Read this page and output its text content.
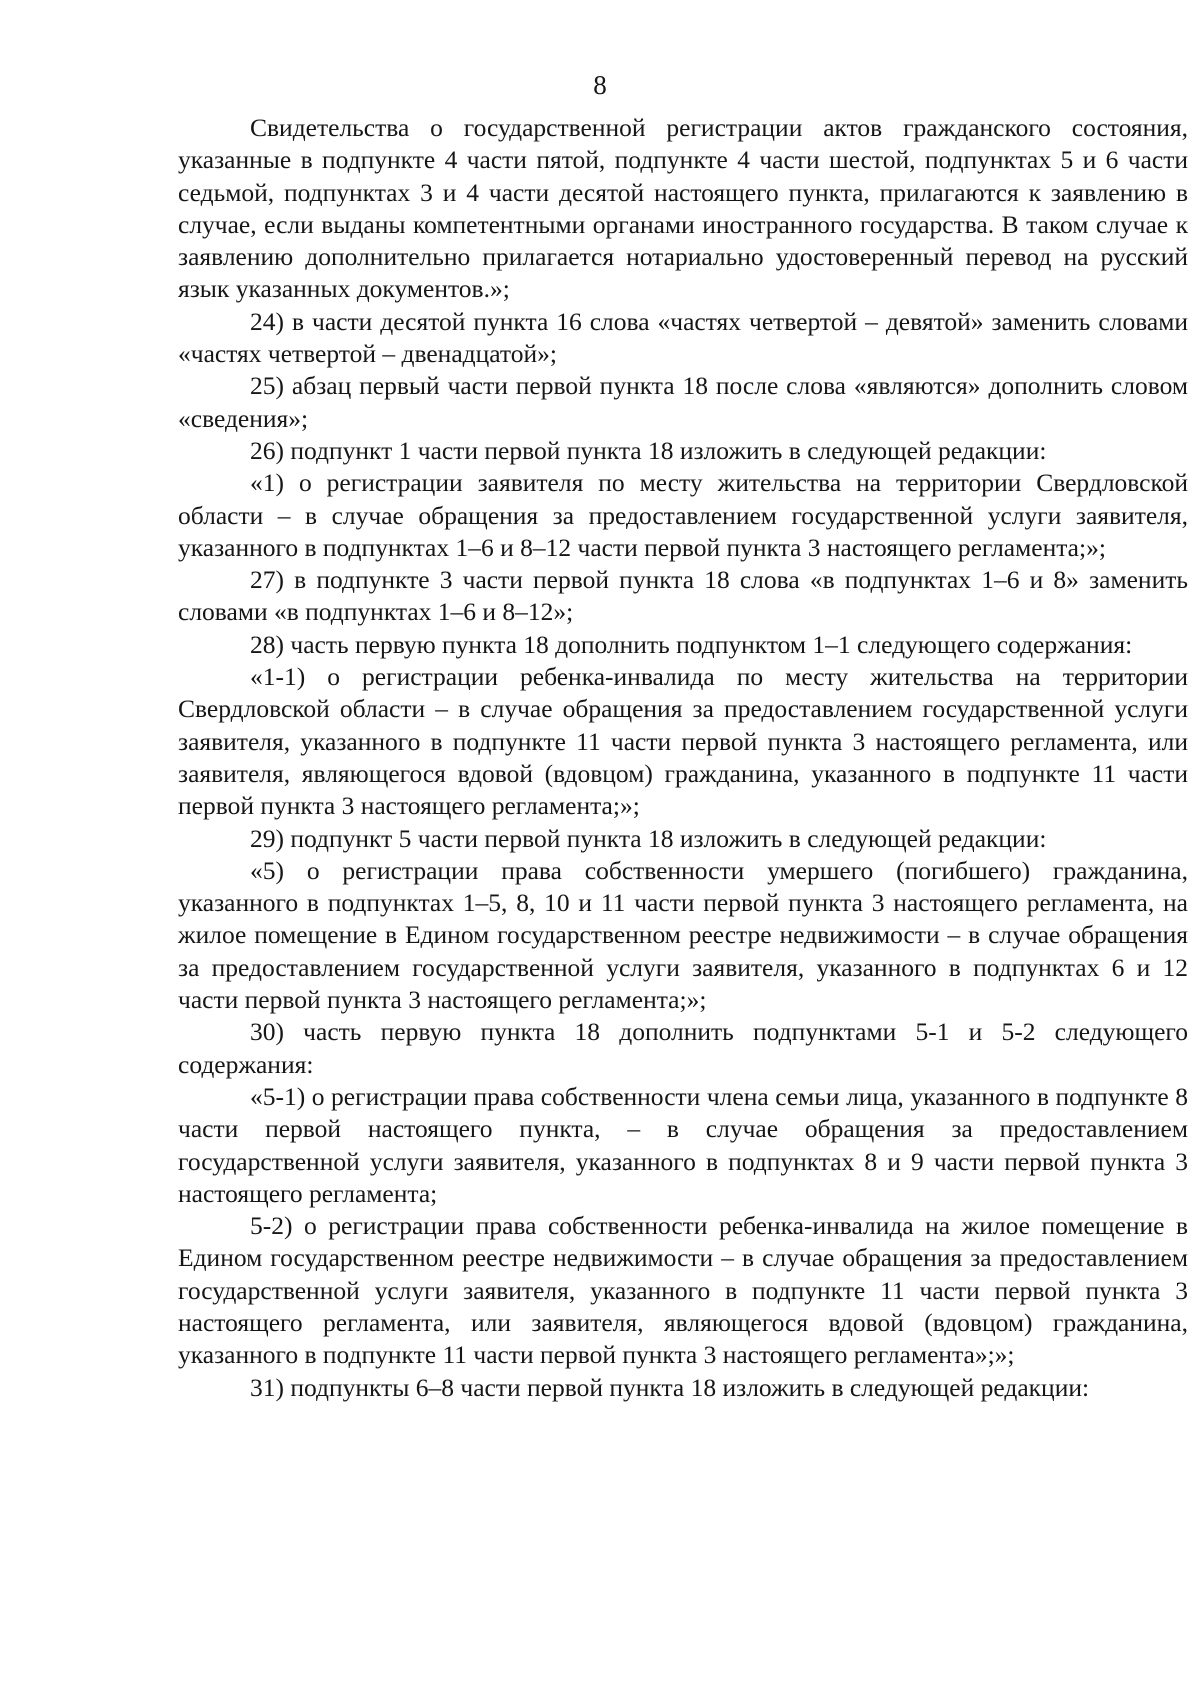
8

Свидетельства о государственной регистрации актов гражданского состояния, указанные в подпункте 4 части пятой, подпункте 4 части шестой, подпунктах 5 и 6 части седьмой, подпунктах 3 и 4 части десятой настоящего пункта, прилагаются к заявлению в случае, если выданы компетентными органами иностранного государства. В таком случае к заявлению дополнительно прилагается нотариально удостоверенный перевод на русский язык указанных документов.»;

24) в части десятой пункта 16 слова «частях четвертой – девятой» заменить словами «частях четвертой – двенадцатой»;

25) абзац первый части первой пункта 18 после слова «являются» дополнить словом «сведения»;

26) подпункт 1 части первой пункта 18 изложить в следующей редакции:

«1) о регистрации заявителя по месту жительства на территории Свердловской области – в случае обращения за предоставлением государственной услуги заявителя, указанного в подпунктах 1–6 и 8–12 части первой пункта 3 настоящего регламента;»;

27) в подпункте 3 части первой пункта 18 слова «в подпунктах 1–6 и 8» заменить словами «в подпунктах 1–6 и 8–12»;

28) часть первую пункта 18 дополнить подпунктом 1–1 следующего содержания:

«1-1) о регистрации ребенка-инвалида по месту жительства на территории Свердловской области – в случае обращения за предоставлением государственной услуги заявителя, указанного в подпункте 11 части первой пункта 3 настоящего регламента, или заявителя, являющегося вдовой (вдовцом) гражданина, указанного в подпункте 11 части первой пункта 3 настоящего регламента;»;

29) подпункт 5 части первой пункта 18 изложить в следующей редакции:

«5) о регистрации права собственности умершего (погибшего) гражданина, указанного в подпунктах 1–5, 8, 10 и 11 части первой пункта 3 настоящего регламента, на жилое помещение в Едином государственном реестре недвижимости – в случае обращения за предоставлением государственной услуги заявителя, указанного в подпунктах 6 и 12 части первой пункта 3 настоящего регламента;»;

30) часть первую пункта 18 дополнить подпунктами 5-1 и 5-2 следующего содержания:

«5-1) о регистрации права собственности члена семьи лица, указанного в подпункте 8 части первой настоящего пункта, – в случае обращения за предоставлением государственной услуги заявителя, указанного в подпунктах 8 и 9 части первой пункта 3 настоящего регламента;

5-2) о регистрации права собственности ребенка-инвалида на жилое помещение в Едином государственном реестре недвижимости – в случае обращения за предоставлением государственной услуги заявителя, указанного в подпункте 11 части первой пункта 3 настоящего регламента, или заявителя, являющегося вдовой (вдовцом) гражданина, указанного в подпункте 11 части первой пункта 3 настоящего регламента»;»;

31) подпункты 6–8 части первой пункта 18 изложить в следующей редакции:
